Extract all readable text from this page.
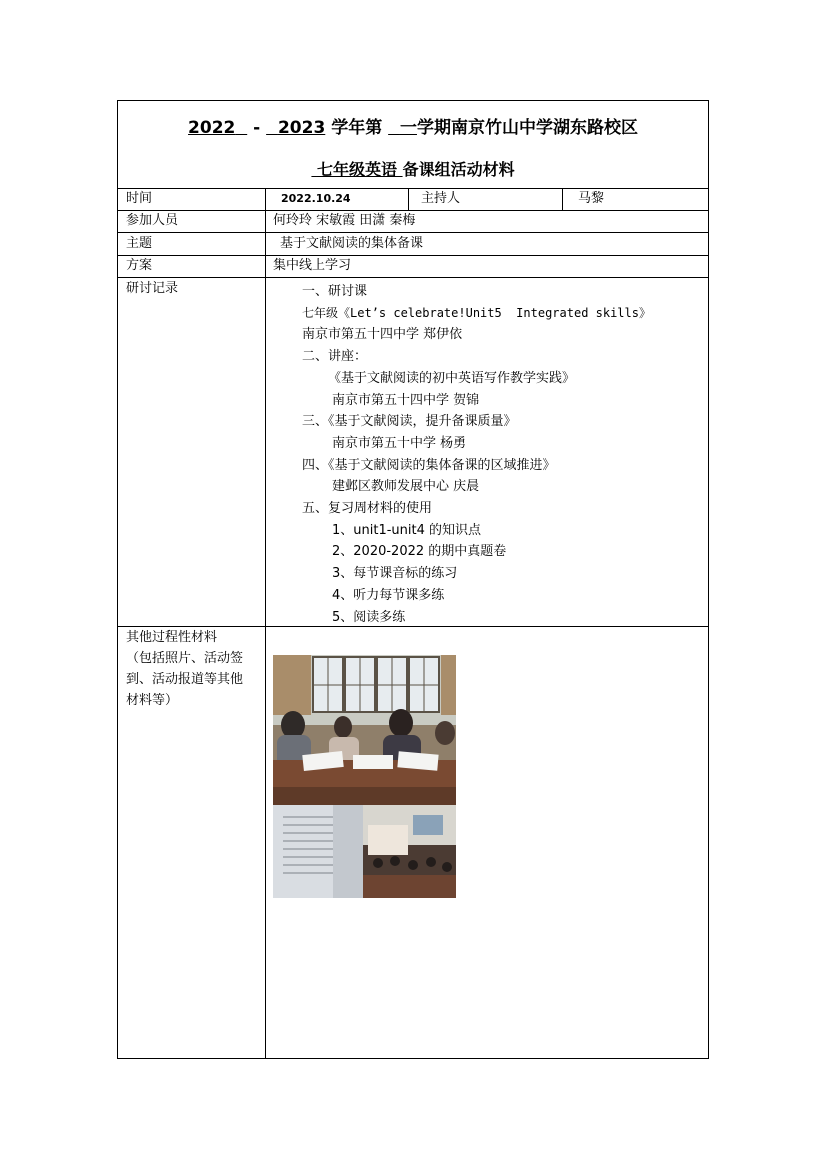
2022 - 2023 学年第 一学期南京竹山中学湖东路校区
七年级英语 备课组活动材料
时间	2022.10.24	主持人	马黎
参加人员	何玲玲 宋敏霞 田潇 秦梅
主题	基于文献阅读的集体备课
方案	集中线上学习
研讨记录	一、研讨课
七年级《Let’s celebrate!Unit5  Integrated skills》
南京市第五十四中学 郑伊依
二、讲座：
《基于文献阅读的初中英语写作教学实践》
南京市第五十四中学 贺锦
三、《基于文献阅读，提升备课质量》
南京市第五十中学 杨勇
四、《基于文献阅读的集体备课的区域推进》
建邺区教师发展中心 庆晨
五、复习周材料的使用
1、unit1-unit4 的知识点
2、2020-2022 的期中真题卷
3、每节课音标的练习
4、听力每节课多练
5、阅读多练
其他过程性材料
（包括照片、活动签
到、活动报道等其他
材料等）
